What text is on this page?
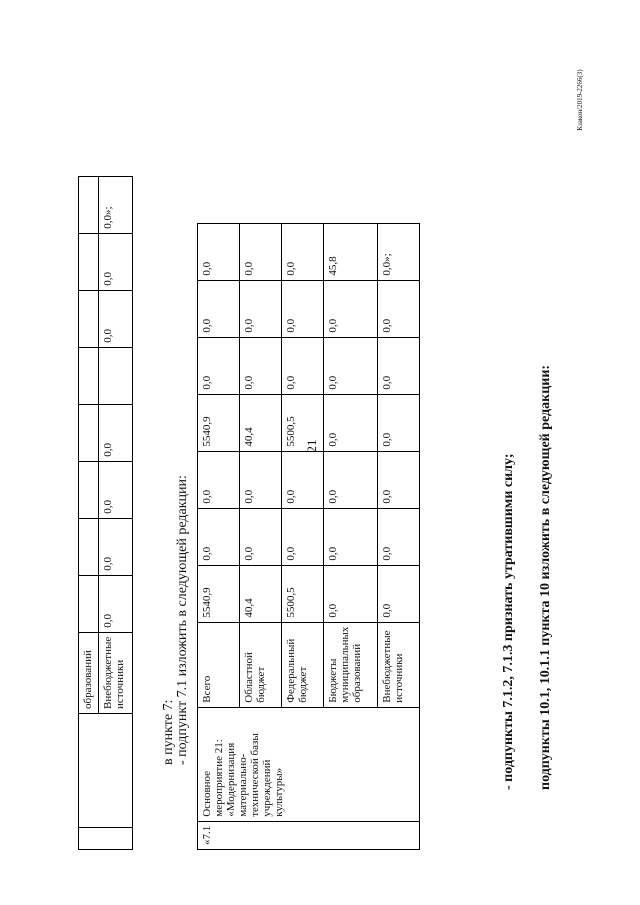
21
Кзакон/2019-2266(3)
		образований								
		Внебюджетные источники	0,0	0,0	0,0	0,0		0,0	0,0	0,0»;
в пункте 7: - подпункт 7.1 изложить в следующей редакции:
«7.1	Основное мероприятие 21: «Модернизация материально-технической базы учреждений культуры»	Всего	5540,9	0,0	0,0	5540,9	0,0	0,0	0,0
		Областной бюджет	40,4	0,0	0,0	40,4	0,0	0,0	0,0
		Федеральный бюджет	5500,5	0,0	0,0	5500,5	0,0	0,0	0,0
		Бюджеты муниципальных образований	0,0	0,0	0,0	0,0	0,0	0,0	45,8
		Внебюджетные источники	0,0	0,0	0,0	0,0	0,0	0,0	0,0»;
- подпункты 7.1.2, 7.1.3 признать утратившими силу; подпункты 10.1, 10.1.1 пункта 10 изложить в следующей редакции:
